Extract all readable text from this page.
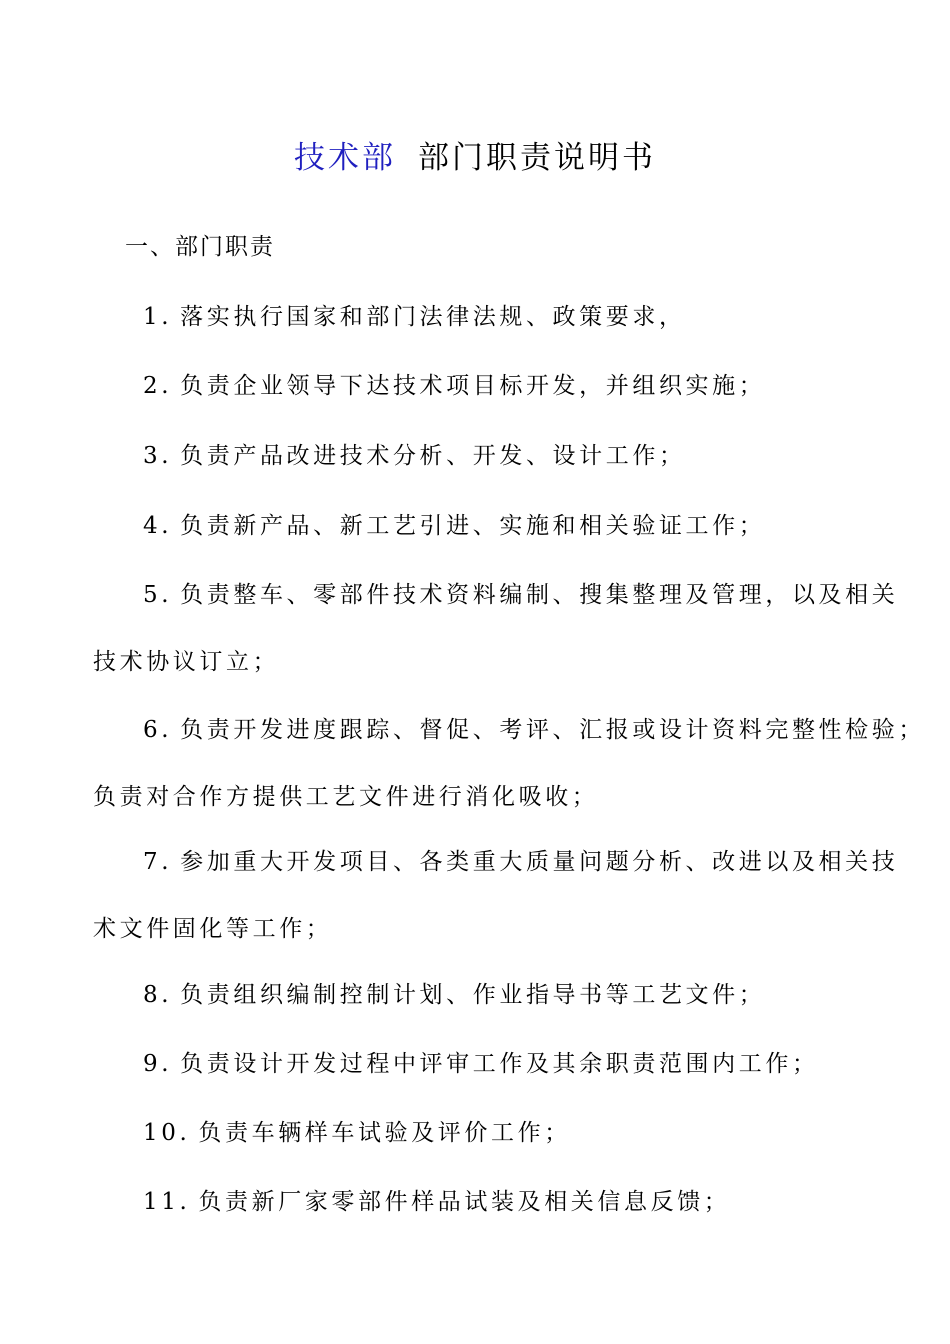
技术部 部门职责说明书
一、部门职责
1. 落实执行国家和部门法律法规、政策要求，
2. 负责企业领导下达技术项目标开发，并组织实施；
3. 负责产品改进技术分析、开发、设计工作；
4. 负责新产品、新工艺引进、实施和相关验证工作；
5. 负责整车、零部件技术资料编制、搜集整理及管理，以及相关
技术协议订立；
6. 负责开发进度跟踪、督促、考评、汇报或设计资料完整性检验；
负责对合作方提供工艺文件进行消化吸收；
7. 参加重大开发项目、各类重大质量问题分析、改进以及相关技
术文件固化等工作；
8. 负责组织编制控制计划、作业指导书等工艺文件；
9. 负责设计开发过程中评审工作及其余职责范围内工作；
10. 负责车辆样车试验及评价工作；
11. 负责新厂家零部件样品试装及相关信息反馈；
